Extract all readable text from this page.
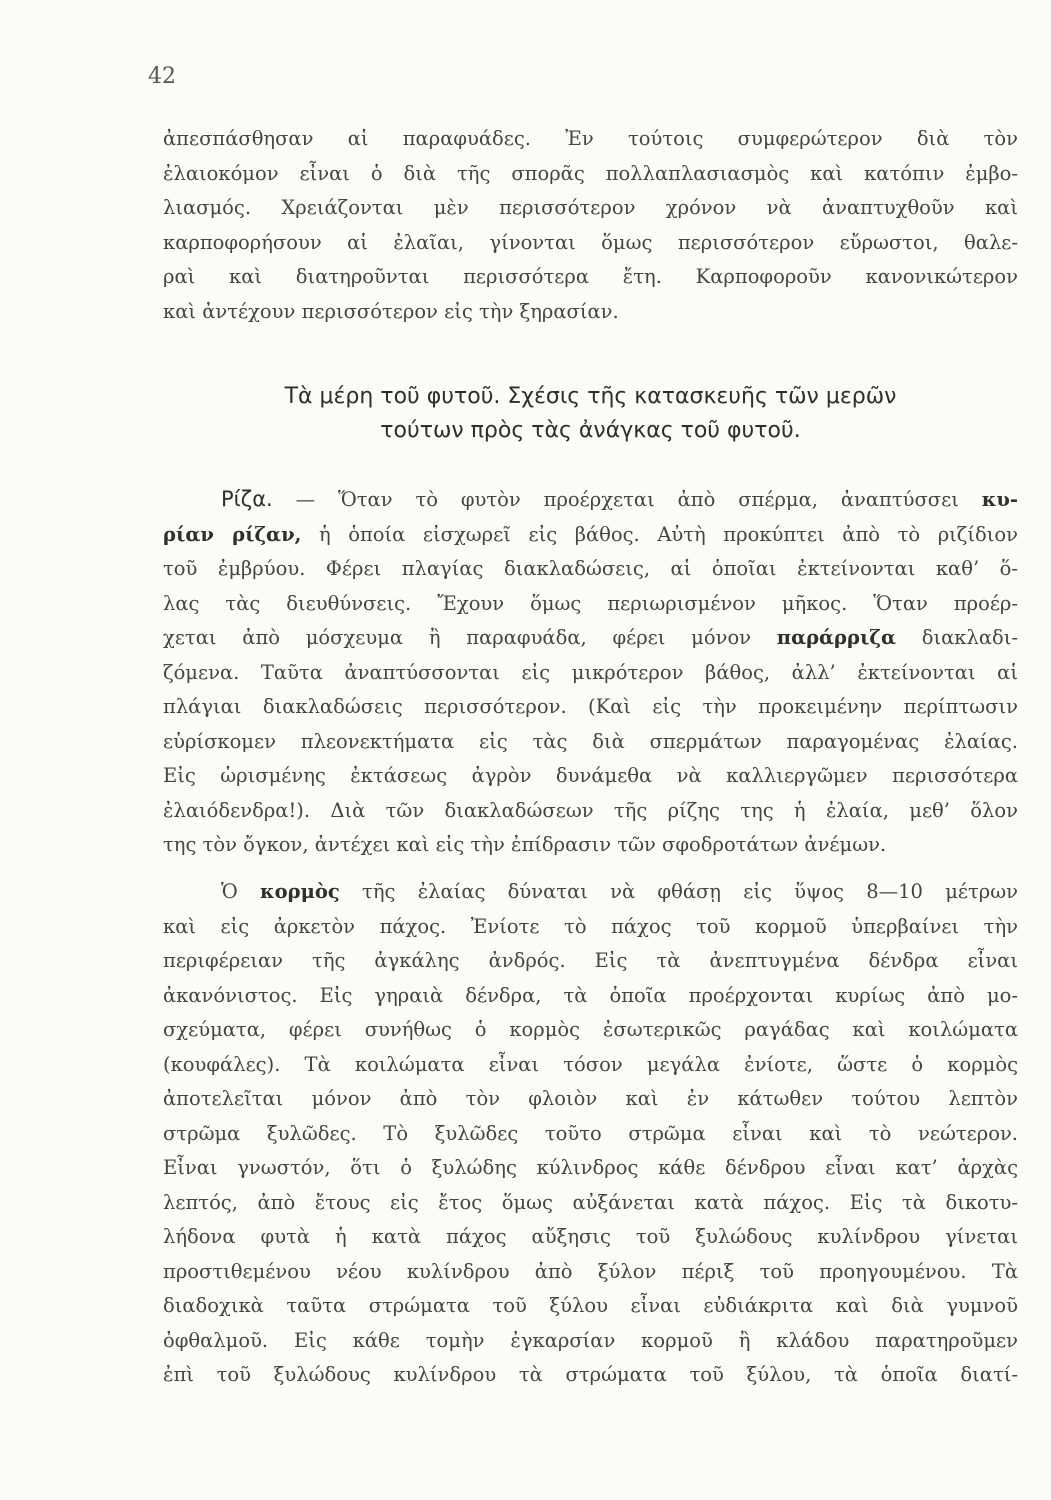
42
ἀπεσπάσθησαν αἱ παραφυάδες. Ἐν τούτοις συμφερώτερον διὰ τὸν
ἐλαιοκόμον εἶναι ὁ διὰ τῆς σπορᾶς πολλαπλασιασμὸς καὶ κατόπιν ἐμβο-
λιασμός. Χρειάζονται μὲν περισσότερον χρόνον νὰ ἀναπτυχθοῦν καὶ
καρποφορήσουν αἱ ἐλαῖαι, γίνονται ὅμως περισσότερον εὔρωστοι, θαλε-
ραὶ καὶ διατηροῦνται περισσότερα ἔτη. Καρποφοροῦν κανονικώτερον
καὶ ἀντέχουν περισσότερον εἰς τὴν ξηρασίαν.
Τὰ μέρη τοῦ φυτοῦ. Σχέσις τῆς κατασκευῆς τῶν μερῶν
τούτων πρὸς τὰς ἀνάγκας τοῦ φυτοῦ.
Ρίζα. — Ὅταν τὸ φυτὸν προέρχεται ἀπὸ σπέρμα, ἀναπτύσσει κυ-
ρίαν ρίζαν, ἡ ὁποία εἰσχωρεῖ εἰς βάθος. Αὐτὴ προκύπτει ἀπὸ τὸ ριζίδιον
τοῦ ἐμβρύου. Φέρει πλαγίας διακλαδώσεις, αἱ ὁποῖαι ἐκτείνονται καθ’ ὅ-
λας τὰς διευθύνσεις. Ἔχουν ὅμως περιωρισμένον μῆκος. Ὅταν προέρ-
χεται ἀπὸ μόσχευμα ἢ παραφυάδα, φέρει μόνον παράρριζα διακλαδι-
ζόμενα. Ταῦτα ἀναπτύσσονται εἰς μικρότερον βάθος, ἀλλ’ ἐκτείνονται αἱ
πλάγιαι διακλαδώσεις περισσότερον. (Καὶ εἰς τὴν προκειμένην περίπτωσιν
εὑρίσκομεν πλεονεκτήματα εἰς τὰς διὰ σπερμάτων παραγομένας ἐλαίας.
Εἰς ὡρισμένης ἐκτάσεως ἀγρὸν δυνάμεθα νὰ καλλιεργῶμεν περισσότερα
ἐλαιόδενδρα!). Διὰ τῶν διακλαδώσεων τῆς ρίζης της ἡ ἐλαία, μεθ’ ὅλον
της τὸν ὄγκον, ἀντέχει καὶ εἰς τὴν ἐπίδρασιν τῶν σφοδροτάτων ἀνέμων.
Ὁ κορμὸς τῆς ἐλαίας δύναται νὰ φθάσῃ εἰς ὕψος 8—10 μέτρων
καὶ εἰς ἀρκετὸν πάχος. Ἐνίοτε τὸ πάχος τοῦ κορμοῦ ὑπερβαίνει τὴν
περιφέρειαν τῆς ἀγκάλης ἀνδρός. Εἰς τὰ ἀνεπτυγμένα δένδρα εἶναι
ἀκανόνιστος. Εἰς γηραιὰ δένδρα, τὰ ὁποῖα προέρχονται κυρίως ἀπὸ μο-
σχεύματα, φέρει συνήθως ὁ κορμὸς ἐσωτερικῶς ραγάδας καὶ κοιλώματα
(κουφάλες). Τὰ κοιλώματα εἶναι τόσον μεγάλα ἐνίοτε, ὥστε ὁ κορμὸς
ἀποτελεῖται μόνον ἀπὸ τὸν φλοιὸν καὶ ἐν κάτωθεν τούτου λεπτὸν
στρῶμα ξυλῶδες. Τὸ ξυλῶδες τοῦτο στρῶμα εἶναι καὶ τὸ νεώτερον.
Εἶναι γνωστόν, ὅτι ὁ ξυλώδης κύλινδρος κάθε δένδρου εἶναι κατ’ ἀρχὰς
λεπτός, ἀπὸ ἔτους εἰς ἔτος ὅμως αὐξάνεται κατὰ πάχος. Εἰς τὰ δικοτυ-
λήδονα φυτὰ ἡ κατὰ πάχος αὔξησις τοῦ ξυλώδους κυλίνδρου γίνεται
προστιθεμένου νέου κυλίνδρου ἀπὸ ξύλον πέριξ τοῦ προηγουμένου. Τὰ
διαδοχικὰ ταῦτα στρώματα τοῦ ξύλου εἶναι εὐδιάκριτα καὶ διὰ γυμνοῦ
ὀφθαλμοῦ. Εἰς κάθε τομὴν ἐγκαρσίαν κορμοῦ ἢ κλάδου παρατηροῦμεν
ἐπὶ τοῦ ξυλώδους κυλίνδρου τὰ στρώματα τοῦ ξύλου, τὰ ὁποῖα διατί-
